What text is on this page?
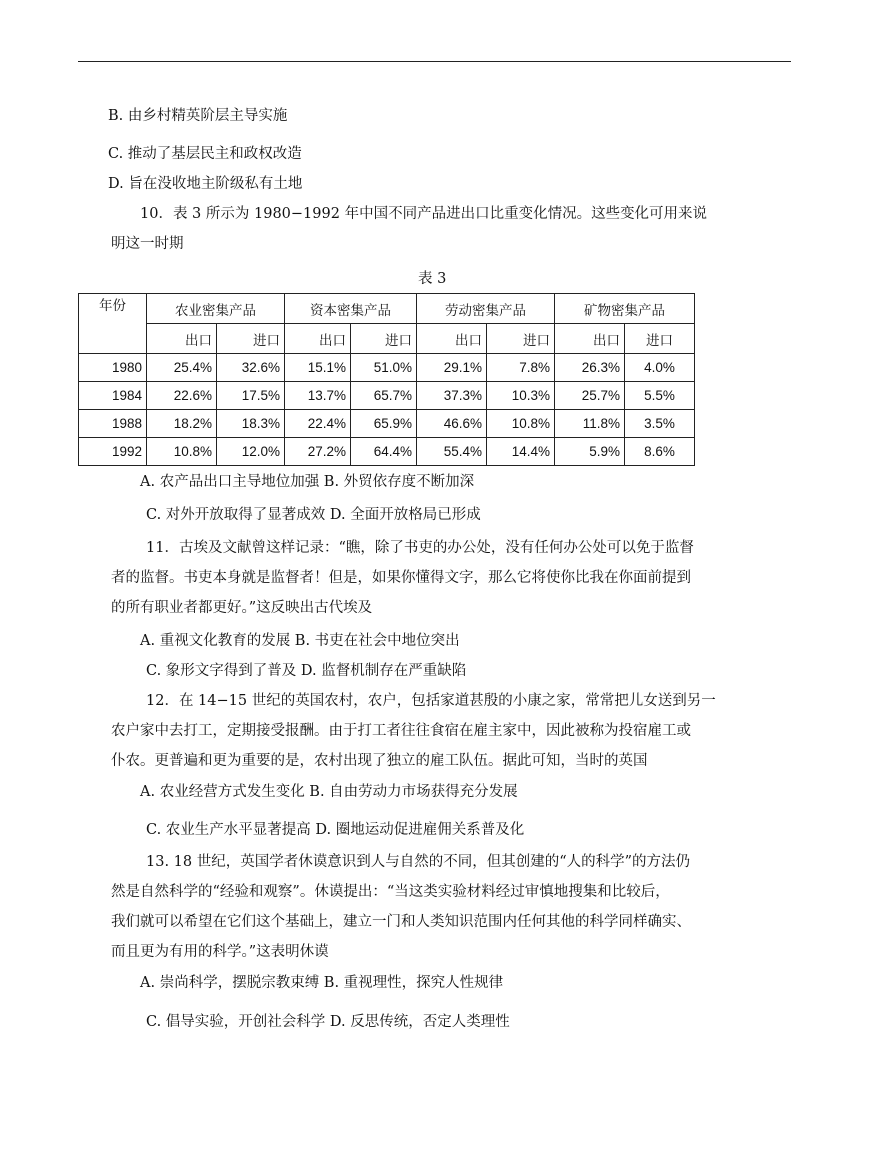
B. 由乡村精英阶层主导实施
C. 推动了基层民主和政权改造
D. 旨在没收地主阶级私有土地
10．表 3 所示为 1980−1992 年中国不同产品进出口比重变化情况。这些变化可用来说
明这一时期
表 3
年份	农业密集产品		资本密集产品		劳动密集产品		矿物密集产品	
	出口	进口	出口	进口	出口	进口	出口	进口
1980	25.4%	32.6%	15.1%	51.0%	29.1%	7.8%	26.3%	4.0%
1984	22.6%	17.5%	13.7%	65.7%	37.3%	10.3%	25.7%	5.5%
1988	18.2%	18.3%	22.4%	65.9%	46.6%	10.8%	11.8%	3.5%
1992	10.8%	12.0%	27.2%	64.4%	55.4%	14.4%	5.9%	8.6%
A. 农产品出口主导地位加强 B. 外贸依存度不断加深
C. 对外开放取得了显著成效 D. 全面开放格局已形成
11．古埃及文献曾这样记录：“瞧，除了书吏的办公处，没有任何办公处可以免于监督
者的监督。书吏本身就是监督者！但是，如果你懂得文字，那么它将使你比我在你面前提到
的所有职业者都更好。”这反映出古代埃及
A. 重视文化教育的发展 B. 书吏在社会中地位突出
C. 象形文字得到了普及 D. 监督机制存在严重缺陷
12．在 14−15 世纪的英国农村，农户，包括家道甚殷的小康之家，常常把儿女送到另一
农户家中去打工，定期接受报酬。由于打工者往往食宿在雇主家中，因此被称为投宿雇工或
仆农。更普遍和更为重要的是，农村出现了独立的雇工队伍。据此可知，当时的英国
A. 农业经营方式发生变化 B. 自由劳动力市场获得充分发展
C. 农业生产水平显著提高 D. 圈地运动促进雇佣关系普及化
13. 18 世纪，英国学者休谟意识到人与自然的不同，但其创建的“人的科学”的方法仍
然是自然科学的“经验和观察”。休谟提出：“当这类实验材料经过审慎地搜集和比较后，
我们就可以希望在它们这个基础上，建立一门和人类知识范围内任何其他的科学同样确实、
而且更为有用的科学。”这表明休谟
A. 崇尚科学，摆脱宗教束缚 B. 重视理性，探究人性规律
C. 倡导实验，开创社会科学 D. 反思传统，否定人类理性
